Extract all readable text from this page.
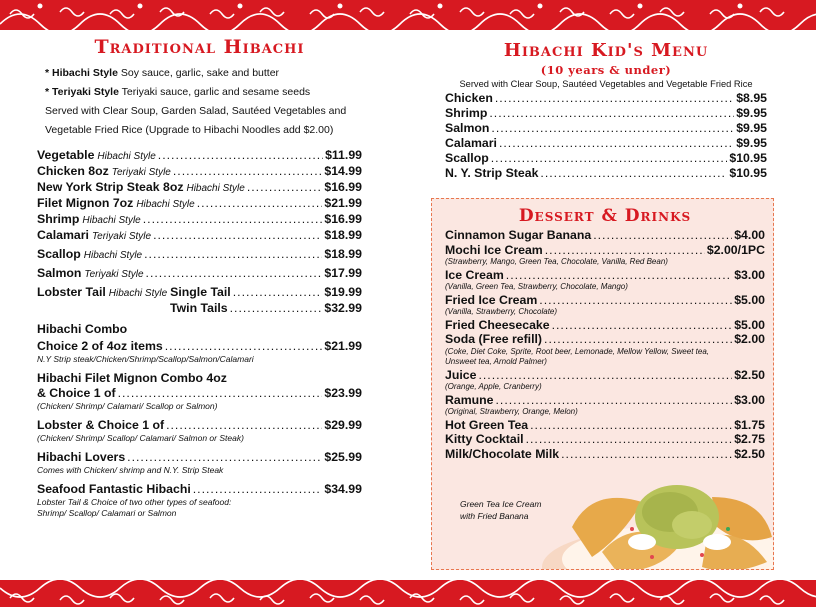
Traditional Hibachi
* Hibachi Style Soy sauce, garlic, sake and butter
* Teriyaki Style Teriyaki sauce, garlic and sesame seeds
Served with Clear Soup, Garden Salad, Sautéed Vegetables and
Vegetable Fried Rice (Upgrade to Hibachi Noodles add $2.00)
Vegetable Hibachi Style .....	$11.99
Chicken 8oz Teriyaki Style .....	$14.99
New York Strip Steak 8oz Hibachi Style .....	$16.99
Filet Mignon 7oz Hibachi Style .....	$21.99
Shrimp Hibachi Style .....	$16.99
Calamari Teriyaki Style .....	$18.99
Scallop Hibachi Style .....	$18.99
Salmon Teriyaki Style .....	$17.99
Lobster Tail Hibachi Style Single Tail .....	$19.99
Twin Tails .....	$32.99
Hibachi Combo
Choice 2 of 4oz items .....	$21.99
N.Y Strip steak/Chicken/Shrimp/Scallop/Salmon/Calamari
Hibachi Filet Mignon Combo 4oz
& Choice 1 of .....	$23.99
(Chicken/ Shrimp/ Calamari/ Scallop or Salmon)
Lobster & Choice 1 of .....	$29.99
(Chicken/ Shrimp/ Scallop/ Calamari/ Salmon or Steak)
Hibachi Lovers .....	$25.99
Comes with Chicken/ shrimp and N.Y. Strip Steak
Seafood Fantastic Hibachi .....	$34.99
Lobster Tail & Choice of two other types of seafood:
Shrimp/ Scallop/ Calamari or Salmon
Hibachi Kid's Menu
(10 years & under)
Served with Clear Soup, Sautéed Vegetables and Vegetable Fried Rice
Chicken .....	$8.95
Shrimp .....	$9.95
Salmon .....	$9.95
Calamari .....	$9.95
Scallop .....	$10.95
N. Y. Strip Steak .....	$10.95
Dessert & Drinks
Cinnamon Sugar Banana .....	$4.00
Mochi Ice Cream .....	$2.00/1PC
(Strawberry, Mango, Green Tea, Chocolate, Vanilla, Red Bean)
Ice Cream .....	$3.00
(Vanilla, Green Tea, Strawberry, Chocolate, Mango)
Fried Ice Cream .....	$5.00
(Vanilla, Strawberry, Chocolate)
Fried Cheesecake .....	$5.00
Soda (Free refill) .....	$2.00
(Coke, Diet Coke, Sprite, Root beer, Lemonade, Mellow Yellow, Sweet tea,
Unsweet tea, Arnold Palmer)
Juice .....	$2.50
(Orange, Apple, Cranberry)
Ramune .....	$3.00
(Original, Strawberry, Orange, Melon)
Hot Green Tea .....	$1.75
Kitty Cocktail .....	$2.75
Milk/Chocolate Milk .....	$2.50
Green Tea Ice Cream
with Fried Banana
